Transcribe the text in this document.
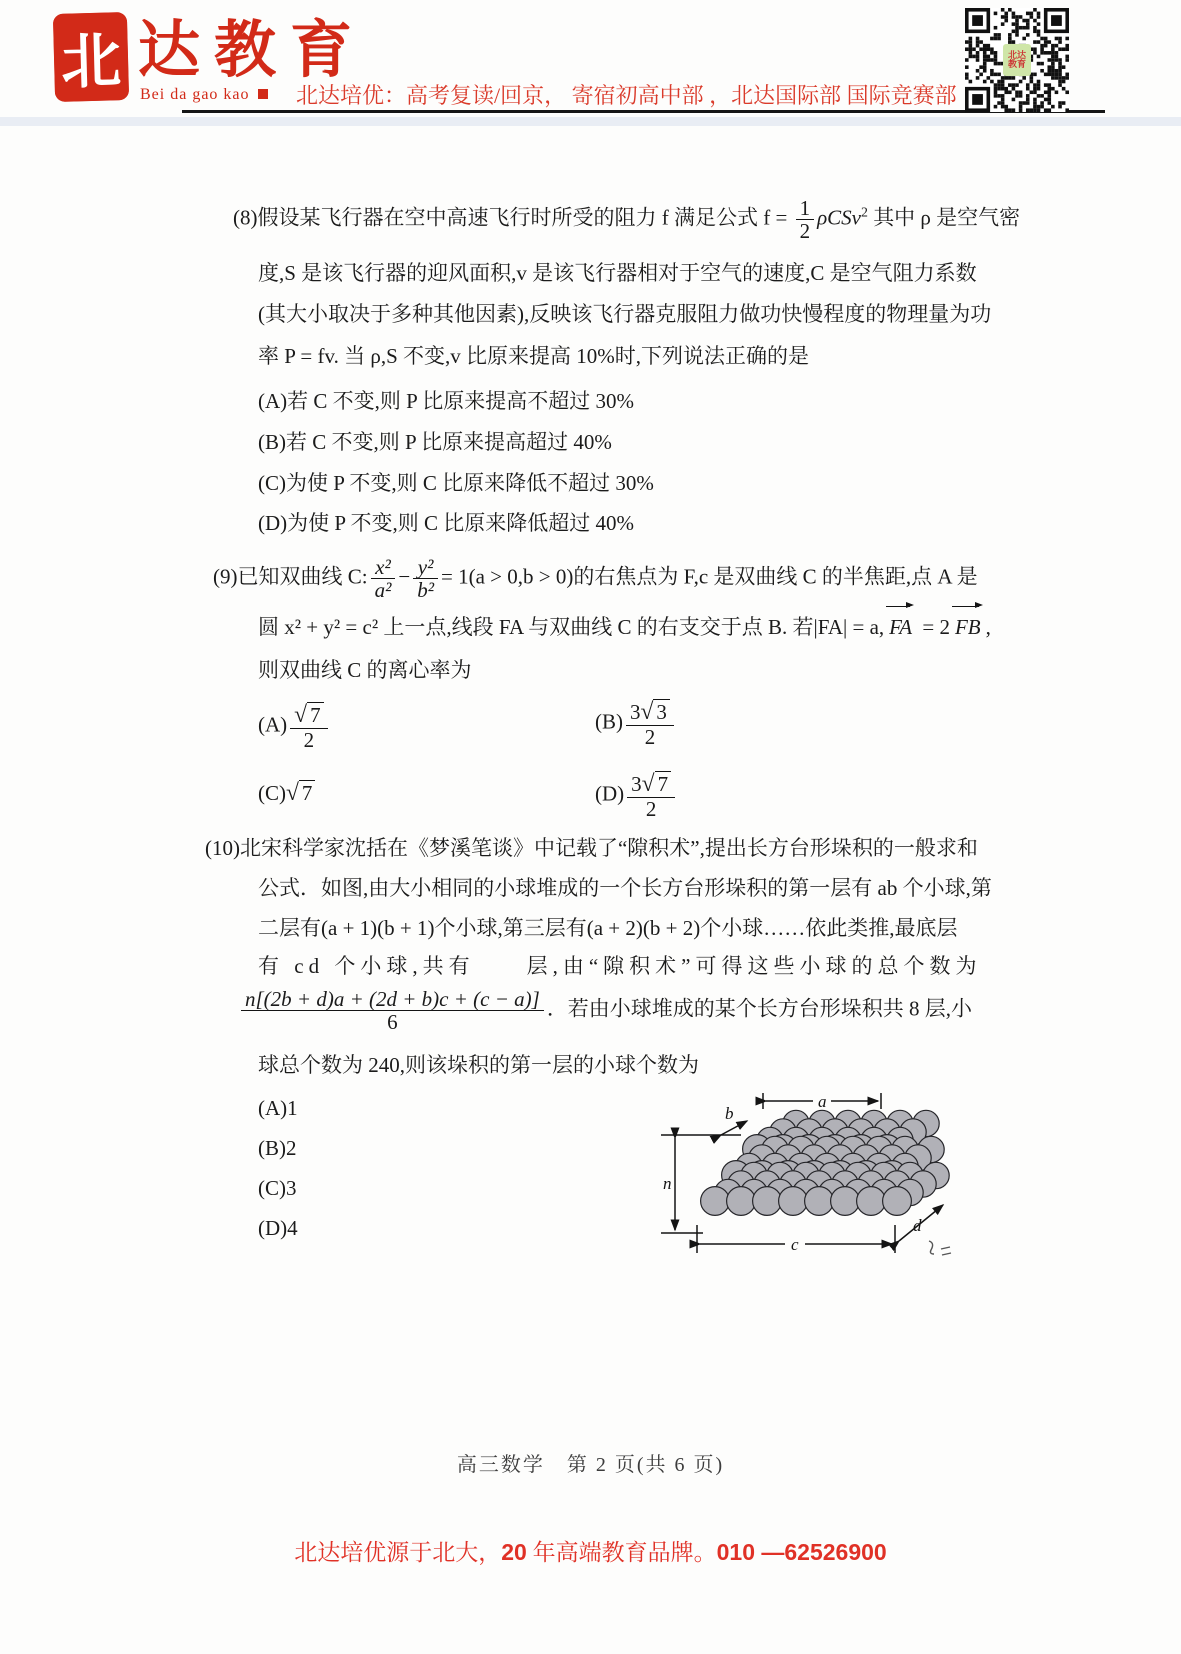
北 达教育
Bei da gao kao	北达培优：高考复读/回京， 寄宿初高中部 ，北达国际部 国际竞赛部
北达
教育
(8)假设某飞行器在空中高速飞行时所受的阻力 f 满足公式 $f = \frac{1}{2} \rho CSv^2$ 其中 ρ 是空气密
度,S 是该飞行器的迎风面积,v 是该飞行器相对于空气的速度,C 是空气阻力系数
(其大小取决于多种其他因素),反映该飞行器克服阻力做功快慢程度的物理量为功
率 P = fv. 当 ρ,S 不变,v 比原来提高 10%时,下列说法正确的是
(A)若 C 不变,则 P 比原来提高不超过 30%
(B)若 C 不变,则 P 比原来提高超过 40%
(C)为使 P 不变,则 C 比原来降低不超过 30%
(D)为使 P 不变,则 C 比原来降低超过 40%
(9)已知双曲线 C: $\frac{\text{x²}}{\text{a²}} - \frac{\text{y²}}{\text{b²}} = 1(a > 0,b > 0)$的右焦点为 F,c 是双曲线 C 的半焦距,点 A 是
圆 x² + y² = c² 上一点,线段 FA 与双曲线 C 的右支交于点 B. 若|FA| = a, FA = 2 FB ,
则双曲线 C 的离心率为
$(A) \frac{√ 7}{2}$	$(B) \frac{3√ 3}{2}$
(C)√ 7	$(D) \frac{3√ 7}{2}$
(10)北宋科学家沈括在《梦溪笔谈》中记载了“隙积术”,提出长方台形垛积的一般求和
公式．如图,由大小相同的小球堆成的一个长方台形垛积的第一层有 ab 个小球,第
二层有(a + 1)(b + 1)个小球,第三层有(a + 2)(b + 2)个小球……依此类推,最底层
有 cd 个小球,共有　　层,由“隙积术”可得这些小球的总个数为
$\frac{n[(2b + d)a + (2d + b)c + (c - a)]}{6}$ ．若由小球堆成的某个长方台形垛积共 8 层,小
球总个数为 240,则该垛积的第一层的小球个数为
(A)1
(B)2
(C)3
(D)4
a
b
n
c
d
高三数学　第 2 页(共 6 页)
北达培优源于北大，20 年高端教育品牌。010 —62526900
